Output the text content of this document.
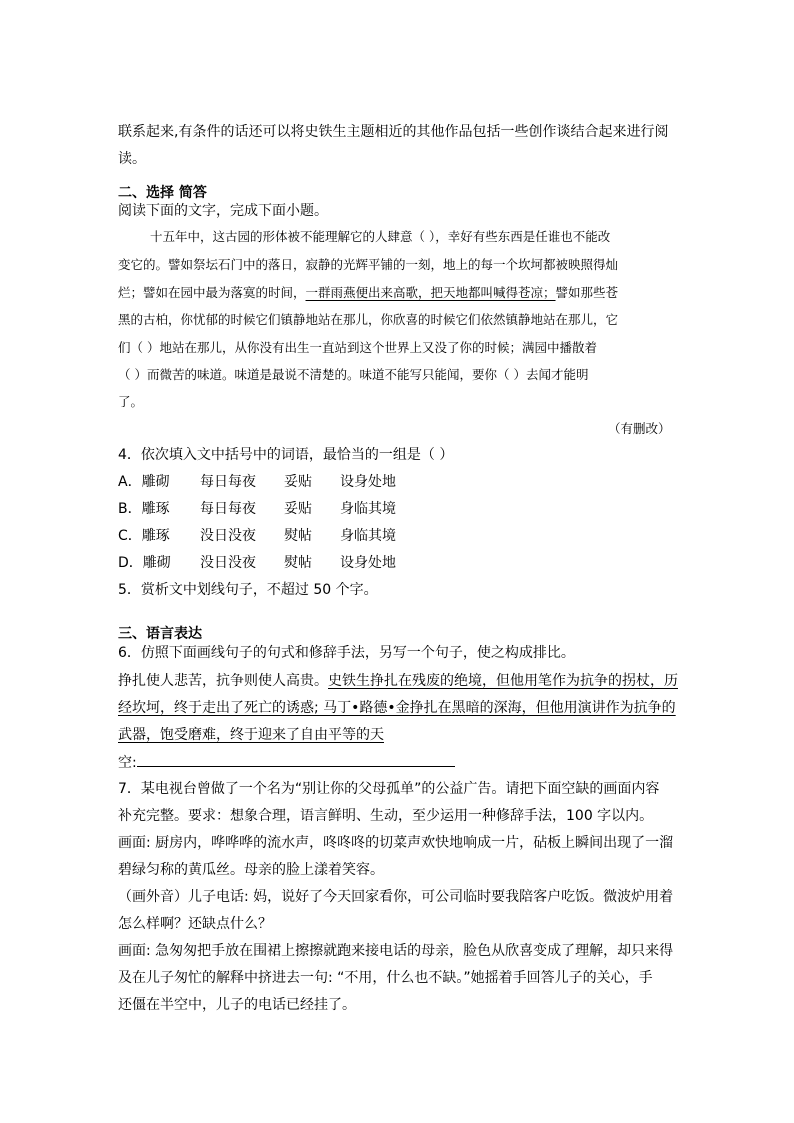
联系起来,有条件的话还可以将史铁生主题相近的其他作品包括一些创作谈结合起来进行阅
读。
二、选择 简答
阅读下面的文字，完成下面小题。
十五年中，这古园的形体被不能理解它的人肆意（ ），幸好有些东西是任谁也不能改
变它的。譬如祭坛石门中的落日，寂静的光辉平铺的一刻，地上的每一个坎坷都被映照得灿
烂；譬如在园中最为落寞的时间，一群雨燕便出来高歌，把天地都叫喊得苍凉；譬如那些苍
黑的古柏，你忧郁的时候它们镇静地站在那儿，你欣喜的时候它们依然镇静地站在那儿，它
们（ ）地站在那儿，从你没有出生一直站到这个世界上又没了你的时候；满园中播散着
（ ）而微苦的味道。味道是最说不清楚的。味道不能写只能闻，要你（ ）去闻才能明
了。
（有删改）
4．依次填入文中括号中的词语，最恰当的一组是（ ）
A．雕砌 每日每夜 妥贴 设身处地
B．雕琢 每日每夜 妥贴 身临其境
C．雕琢 没日没夜 熨帖 身临其境
D．雕砌 没日没夜 熨帖 设身处地
5．赏析文中划线句子，不超过 50 个字。
三、语言表达
6．仿照下面画线句子的句式和修辞手法，另写一个句子，使之构成排比。
挣扎使人悲苦，抗争则使人高贵。史铁生挣扎在残废的绝境，但他用笔作为抗争的拐杖，历
经坎坷，终于走出了死亡的诱惑; 马丁•路德•金挣扎在黑暗的深海，但他用演讲作为抗争的
武器，饱受磨难，终于迎来了自由平等的天
空:
7．某电视台曾做了一个名为“别让你的父母孤单”的公益广告。请把下面空缺的画面内容
补充完整。要求：想象合理，语言鲜明、生动，至少运用一种修辞手法，100 字以内。
画面: 厨房内，哗哗哗的流水声，咚咚咚的切菜声欢快地响成一片，砧板上瞬间出现了一溜
碧绿匀称的黄瓜丝。母亲的脸上漾着笑容。
（画外音）儿子电话: 妈，说好了今天回家看你，可公司临时要我陪客户吃饭。微波炉用着
怎么样啊？还缺点什么？
画面: 急匆匆把手放在围裙上擦擦就跑来接电话的母亲，脸色从欣喜变成了理解，却只来得
及在儿子匆忙的解释中挤进去一句: “不用，什么也不缺。”她摇着手回答儿子的关心，手
还僵在半空中，儿子的电话已经挂了。
